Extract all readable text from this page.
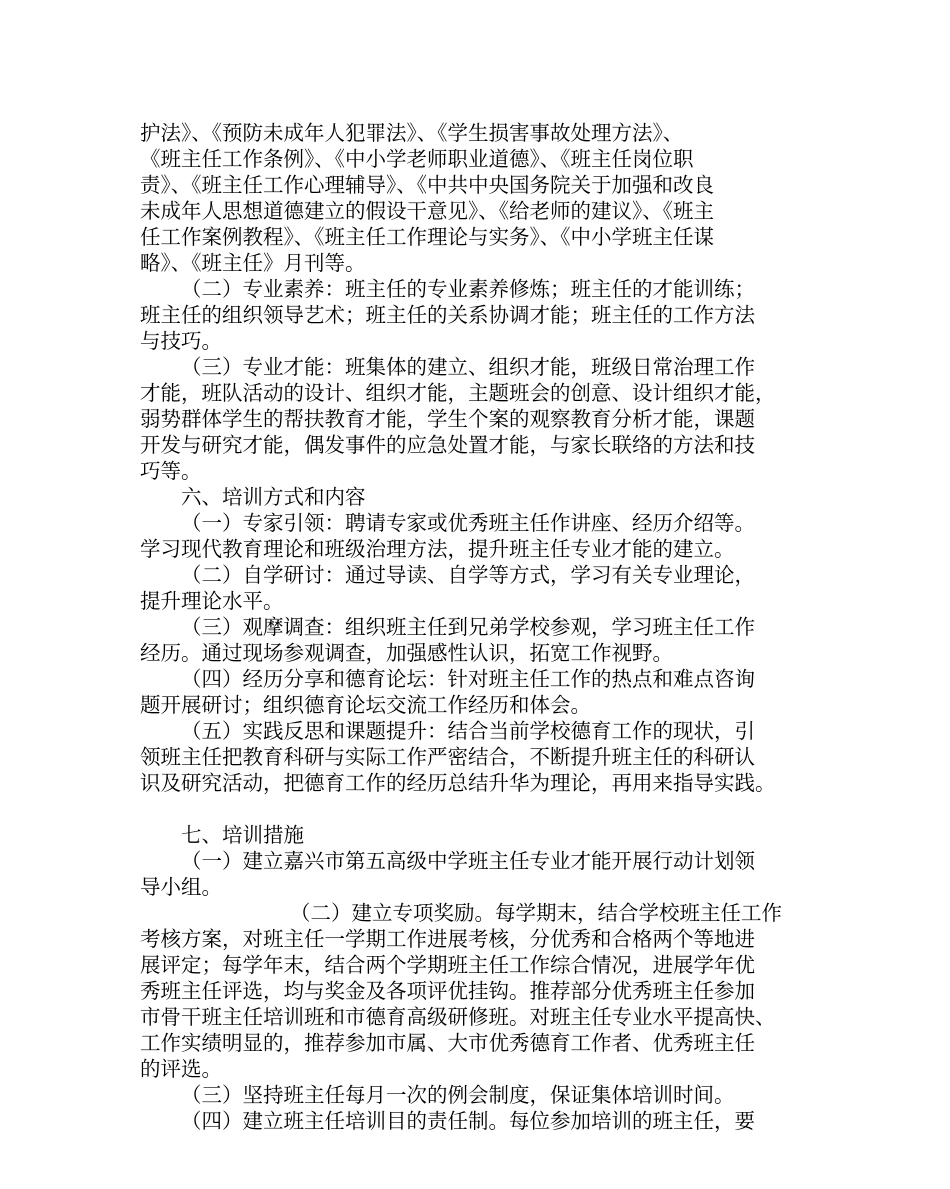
护法》、《预防未成年人犯罪法》、《学生损害事故处理方法》、
《班主任工作条例》、《中小学老师职业道德》、《班主任岗位职
责》、《班主任工作心理辅导》、《中共中央国务院关于加强和改良
未成年人思想道德建立的假设干意见》、《给老师的建议》、《班主
任工作案例教程》、《班主任工作理论与实务》、《中小学班主任谋
略》、《班主任》月刊等。
（二）专业素养：班主任的专业素养修炼；班主任的才能训练；
班主任的组织领导艺术；班主任的关系协调才能；班主任的工作方法
与技巧。
（三）专业才能：班集体的建立、组织才能，班级日常治理工作
才能，班队活动的设计、组织才能，主题班会的创意、设计组织才能，
弱势群体学生的帮扶教育才能，学生个案的观察教育分析才能，课题
开发与研究才能，偶发事件的应急处置才能，与家长联络的方法和技
巧等。
六、培训方式和内容
（一）专家引领：聘请专家或优秀班主任作讲座、经历介绍等。
学习现代教育理论和班级治理方法，提升班主任专业才能的建立。
（二）自学研讨：通过导读、自学等方式，学习有关专业理论，
提升理论水平。
（三）观摩调查：组织班主任到兄弟学校参观，学习班主任工作
经历。通过现场参观调查，加强感性认识，拓宽工作视野。
（四）经历分享和德育论坛：针对班主任工作的热点和难点咨询
题开展研讨；组织德育论坛交流工作经历和体会。
（五）实践反思和课题提升：结合当前学校德育工作的现状，引
领班主任把教育科研与实际工作严密结合，不断提升班主任的科研认
识及研究活动，把德育工作的经历总结升华为理论，再用来指导实践。
七、培训措施
（一）建立嘉兴市第五高级中学班主任专业才能开展行动计划领
导小组。
（二）建立专项奖励。每学期末，结合学校班主任工作
考核方案，对班主任一学期工作进展考核，分优秀和合格两个等地进
展评定；每学年末，结合两个学期班主任工作综合情况，进展学年优
秀班主任评选，均与奖金及各项评优挂钩。推荐部分优秀班主任参加
市骨干班主任培训班和市德育高级研修班。对班主任专业水平提高快、
工作实绩明显的，推荐参加市属、大市优秀德育工作者、优秀班主任
的评选。
（三）坚持班主任每月一次的例会制度，保证集体培训时间。
（四）建立班主任培训目的责任制。每位参加培训的班主任，要
